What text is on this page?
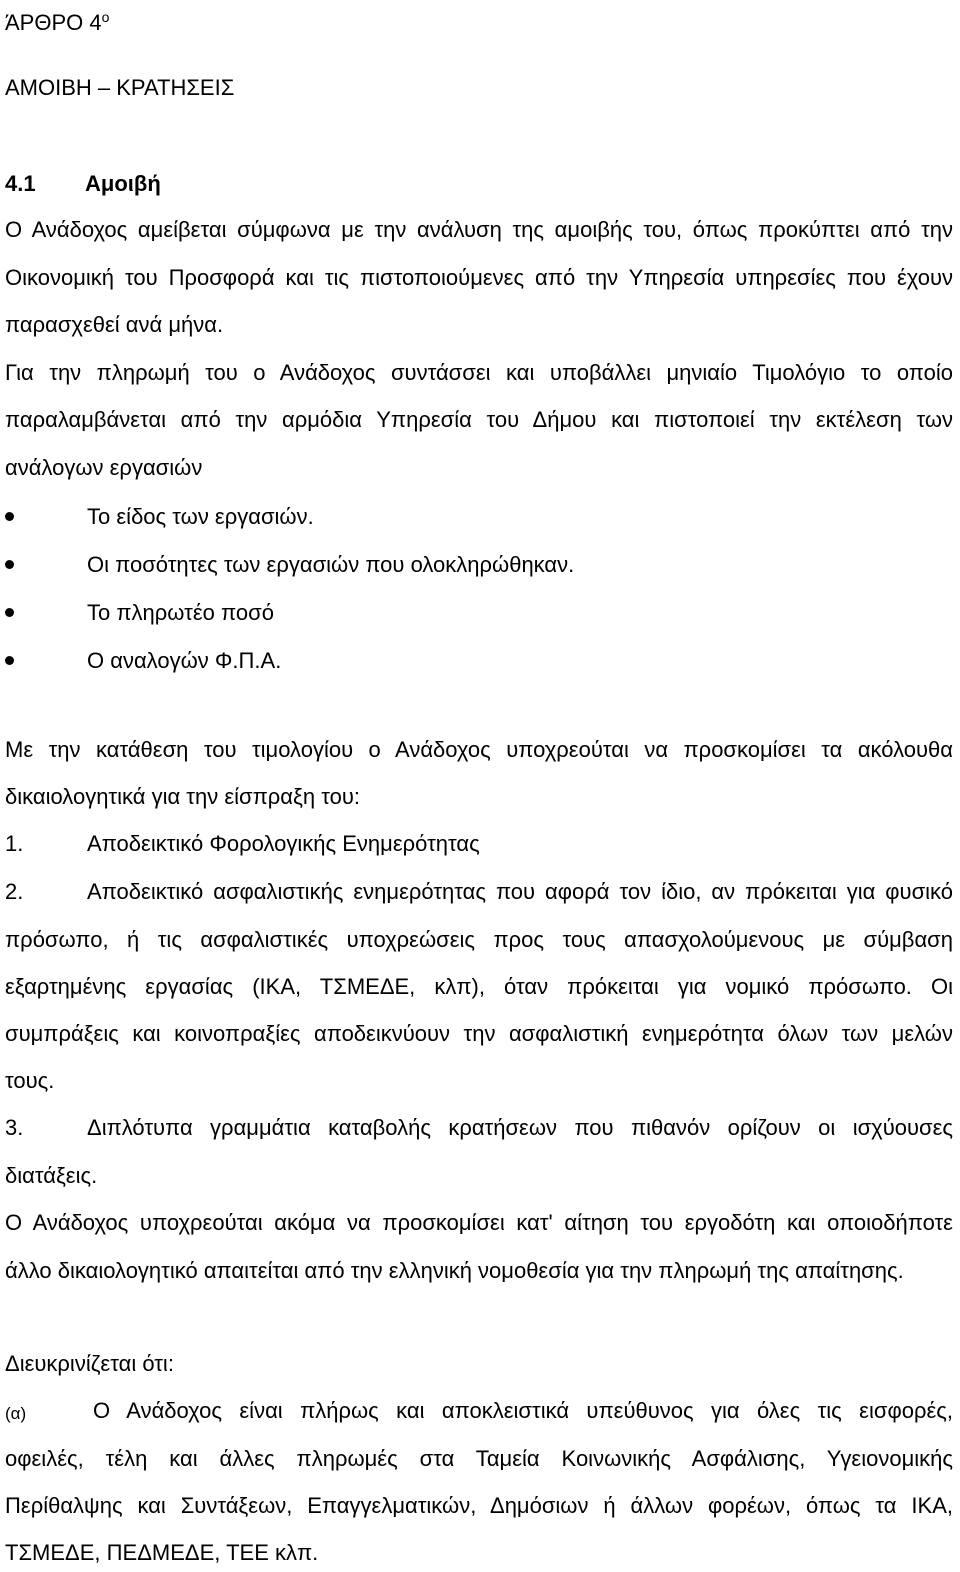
ΆΡΘΡΟ $4^o$
ΑΜΟΙΒΗ – ΚΡΑΤΗΣΕΙΣ
4.1 Αμοιβή
Ο Ανάδοχος αμείβεται σύμφωνα με την ανάλυση της αμοιβής του, όπως προκύπτει από την
Οικονομική του Προσφορά και τις πιστοποιούμενες από την Υπηρεσία υπηρεσίες που έχουν
παρασχεθεί ανά μήνα.
Για την πληρωμή του ο Ανάδοχος συντάσσει και υποβάλλει μηνιαίο Τιμολόγιο το οποίο
παραλαμβάνεται από την αρμόδια Υπηρεσία του Δήμου και πιστοποιεί την εκτέλεση των
ανάλογων εργασιών
Το είδος των εργασιών.
Οι ποσότητες των εργασιών που ολοκληρώθηκαν.
Το πληρωτέο ποσό
Ο αναλογών Φ.Π.Α.
Με την κατάθεση του τιμολογίου ο Ανάδοχος υποχρεούται να προσκομίσει τα ακόλουθα
δικαιολογητικά για την είσπραξη του:
1.	Αποδεικτικό Φορολογικής Ενημερότητας
2.	Αποδεικτικό ασφαλιστικής ενημερότητας που αφορά τον ίδιο, αν πρόκειται για φυσικό
πρόσωπο, ή τις ασφαλιστικές υποχρεώσεις προς τους απασχολούμενους με σύμβαση
εξαρτημένης εργασίας (ΙΚΑ, ΤΣΜΕΔΕ, κλπ), όταν πρόκειται για νομικό πρόσωπο. Οι
συμπράξεις και κοινοπραξίες αποδεικνύουν την ασφαλιστική ενημερότητα όλων των μελών
τους.
3.	Διπλότυπα γραμμάτια καταβολής κρατήσεων που πιθανόν ορίζουν οι ισχύουσες
διατάξεις.
Ο Ανάδοχος υποχρεούται ακόμα να προσκομίσει κατ' αίτηση του εργοδότη και οποιοδήποτε
άλλο δικαιολογητικό απαιτείται από την ελληνική νομοθεσία για την πληρωμή της απαίτησης.
Διευκρινίζεται ότι:
(α)	Ο Ανάδοχος είναι πλήρως και αποκλειστικά υπεύθυνος για όλες τις εισφορές,
οφειλές, τέλη και άλλες πληρωμές στα Ταμεία Κοινωνικής Ασφάλισης, Υγειονομικής
Περίθαλψης και Συντάξεων, Επαγγελματικών, Δημόσιων ή άλλων φορέων, όπως τα ΙΚΑ,
ΤΣΜΕΔΕ, ΠΕΔΜΕΔΕ, ΤΕΕ κλπ.
